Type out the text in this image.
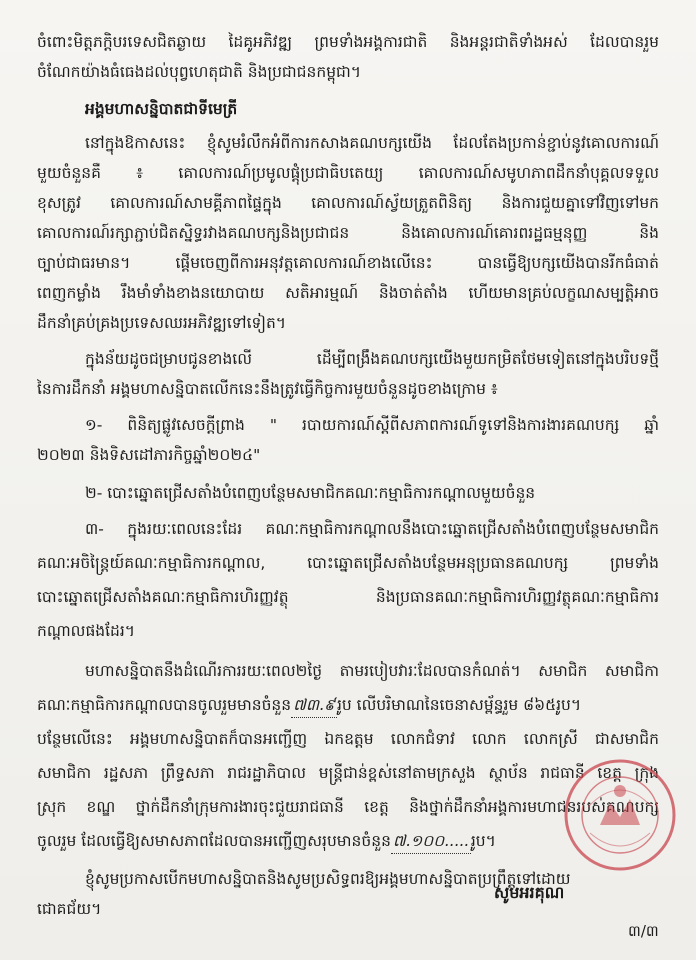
ចំពោះមិត្តភក្តិបរទេសជិតឆ្ងាយ ដៃគូអភិវឌ្ឍ ព្រមទាំងអង្គការជាតិ និងអន្តរជាតិទាំងអស់ ដែលបានរួម
ចំណែកយ៉ាងធំធេងដល់បុព្វហេតុជាតិ និងប្រជាជនកម្ពុជា។
អង្គមហាសន្និបាតជាទីមេត្រី
នៅក្នុងឱកាសនេះ ខ្ញុំសូមរំលឹកអំពីការកសាងគណបក្សយើង ដែលតែងប្រកាន់ខ្ជាប់នូវគោលការណ៍
មួយចំនួនគឺ ៖ គោលការណ៍ប្រមូលផ្តុំប្រជាធិបតេយ្យ គោលការណ៍សមូហភាពដឹកនាំបុគ្គលទទួល
ខុសត្រូវ គោលការណ៍សាមគ្គីភាពផ្ទៃក្នុង គោលការណ៍ស្វ័យត្រួតពិនិត្យ និងការជួយគ្នាទៅវិញទៅមក
គោលការណ៍រក្សាភ្ជាប់ជិតស្និទ្ធរវាងគណបក្សនិងប្រជាជន និងគោលការណ៍គោរពរដ្ឋធម្មនុញ្ញ និង
ច្បាប់ជាធរមាន។ ផ្តើមចេញពីការអនុវត្តគោលការណ៍ខាងលើនេះ បានធ្វើឱ្យបក្សយើងបានរីកធំធាត់
ពេញកម្លាំង រឹងមាំទាំងខាងនយោបាយ សតិអារម្មណ៍ និងចាត់តាំង ហើយមានគ្រប់លក្ខណសម្បត្តិអាច
ដឹកនាំគ្រប់គ្រងប្រទេសឈរអភិវឌ្ឍទៅទៀត។
ក្នុងន័យដូចជម្រាបជូនខាងលើ ដើម្បីពង្រឹងគណបក្សយើងមួយកម្រិតថែមទៀតនៅក្នុងបរិបទថ្មី
នៃការដឹកនាំ អង្គមហាសន្និបាតលើកនេះនឹងត្រូវធ្វើកិច្ចការមួយចំនួនដូចខាងក្រោម ៖
១- ពិនិត្យផ្លូវសេចក្តីព្រាង " របាយការណ៍ស្តីពីសភាពការណ៍ទូទៅនិងការងារគណបក្ស ឆ្នាំ
២០២៣ និងទិសដៅភារកិច្ចឆ្នាំ២០២៤"
២- បោះឆ្នោតជ្រើសតាំងបំពេញបន្ថែមសមាជិកគណៈកម្មាធិការកណ្តាលមួយចំនួន
៣- ក្នុងរយៈពេលនេះដែរ គណៈកម្មាធិការកណ្តាលនឹងបោះឆ្នោតជ្រើសតាំងបំពេញបន្ថែមសមាជិក
គណៈអចិន្ត្រៃយ៍គណៈកម្មាធិការកណ្តាល, បោះឆ្នោតជ្រើសតាំងបន្ថែមអនុប្រធានគណបក្ស ព្រមទាំង
បោះឆ្នោតជ្រើសតាំងគណៈកម្មាធិការហិរញ្ញវត្ថុ និងប្រធានគណៈកម្មាធិការហិរញ្ញវត្ថុគណៈកម្មាធិការ
កណ្តាលផងដែរ។
មហាសន្និបាតនឹងដំណើរការរយៈពេល២ថ្ងៃ តាមរបៀបវារៈដែលបានកំណត់។ សមាជិក សមាជិកា
គណៈកម្មាធិការកណ្តាលបានចូលរួមមានចំនួន ៧៣.៩ រូប លើបរិមាណនៃចេនាសម្ព័ន្ធរួម ៨៦៥រូប។
បន្ថែមលើនេះ អង្គមហាសន្និបាតក៏បានអញ្ជើញ ឯកឧត្តម លោកជំទាវ លោក លោកស្រី ជាសមាជិក
សមាជិកា រដ្ឋសភា ព្រឹទ្ធសភា រាជរដ្ឋាភិបាល មន្ត្រីជាន់ខ្ពស់នៅតាមក្រសួង ស្ថាប័ន រាជធានី ខេត្ត ក្រុង
ស្រុក ខណ្ឌ ថ្នាក់ដឹកនាំក្រុមការងារចុះជួយរាជធានី ខេត្ត និងថ្នាក់ដឹកនាំអង្គការមហាជនរបស់គណបក្ស
ចូលរួម ដែលធ្វើឱ្យសមាសភាពដែលបានអញ្ជើញសរុបមានចំនួន ៧.១០០..... រូប។
ខ្ញុំសូមប្រកាសបើកមហាសន្និបាតនិងសូមប្រសិទ្ធពរឱ្យអង្គមហាសន្និបាតប្រព្រឹត្តទៅដោយ
ជោគជ័យ។
សូមអរគុណ
៣/៣
